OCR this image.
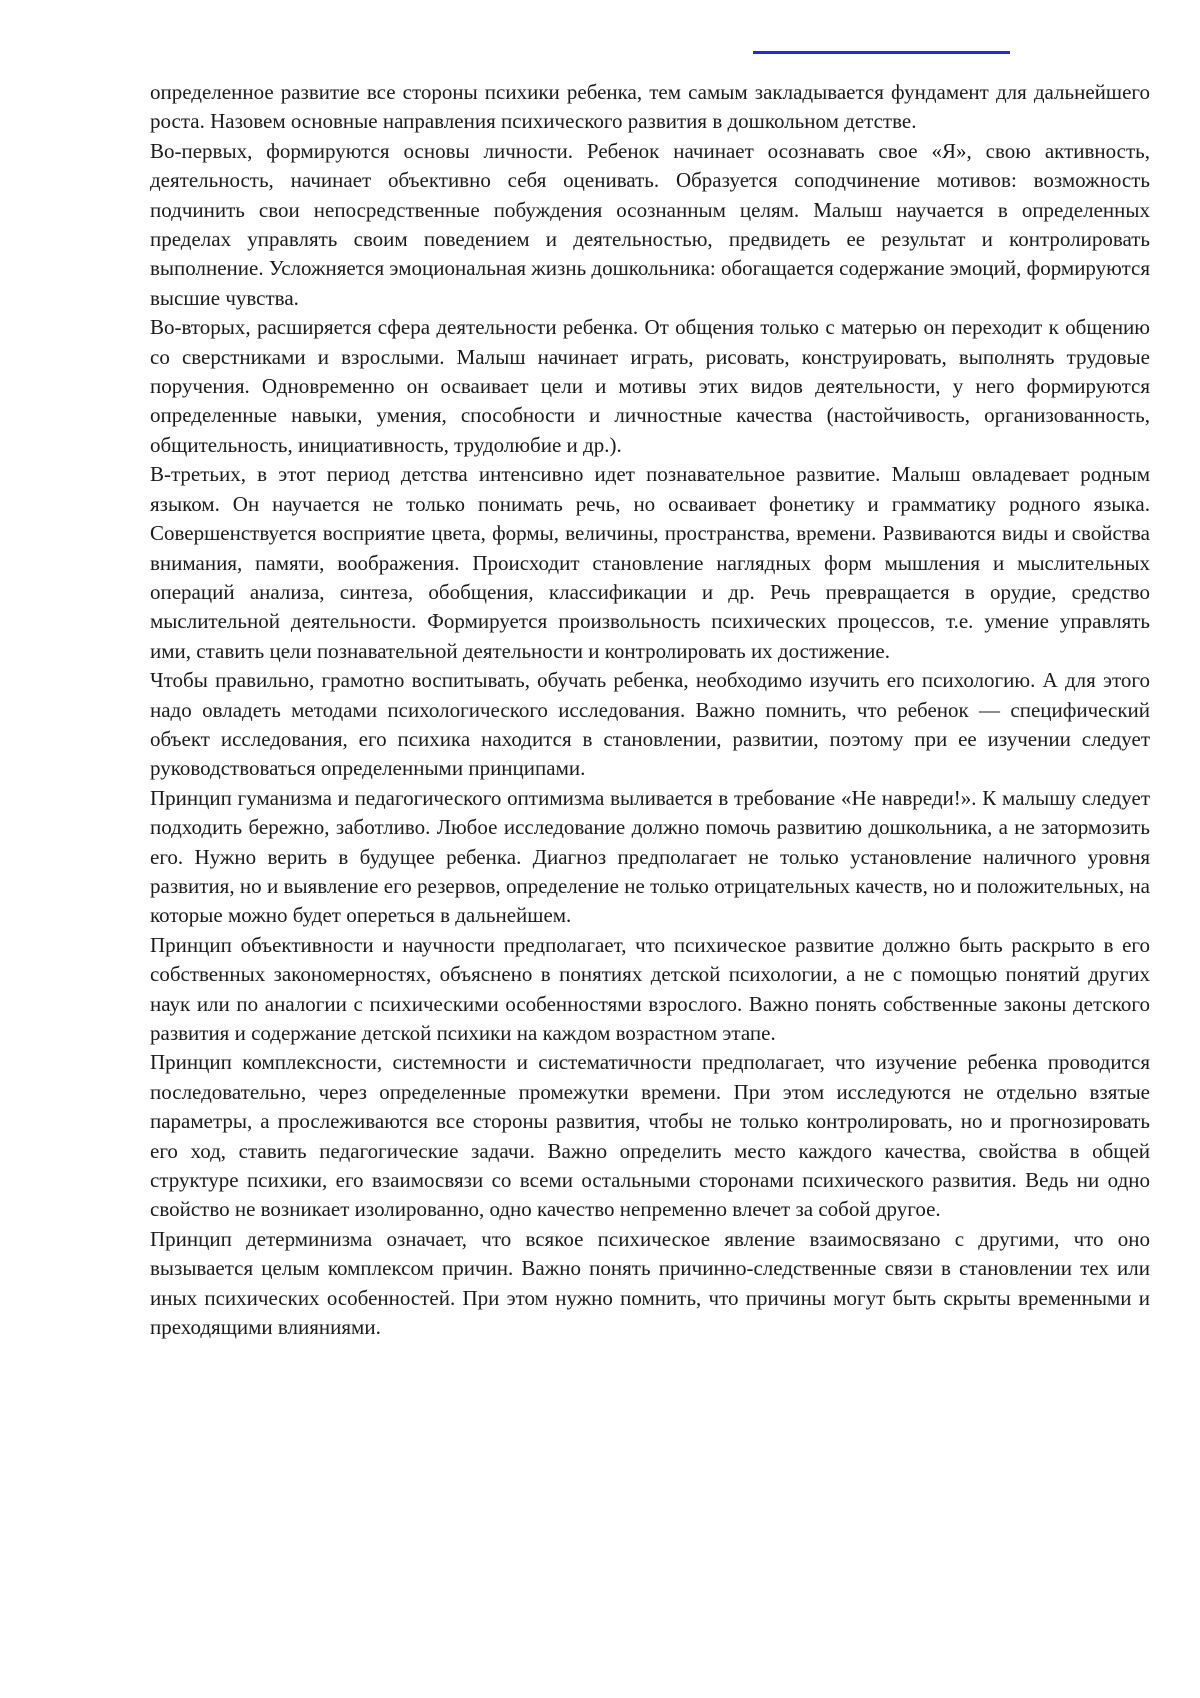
определенное развитие все стороны психики ребенка, тем самым закладывается фундамент для дальнейшего роста. Назовем основные направления психического развития в дошкольном детстве.

Во-первых, формируются основы личности. Ребенок начинает осознавать свое «Я», свою активность, деятельность, начинает объективно себя оценивать. Образуется соподчинение мотивов: возможность подчинить свои непосредственные побуждения осознанным целям. Малыш научается в определенных пределах управлять своим поведением и деятельностью, предвидеть ее результат и контролировать выполнение. Усложняется эмоциональная жизнь дошкольника: обогащается содержание эмоций, формируются высшие чувства.

Во-вторых, расширяется сфера деятельности ребенка. От общения только с матерью он переходит к общению со сверстниками и взрослыми. Малыш начинает играть, рисовать, конструировать, выполнять трудовые поручения. Одновременно он осваивает цели и мотивы этих видов деятельности, у него формируются определенные навыки, умения, способности и личностные качества (настойчивость, организованность, общительность, инициативность, трудолюбие и др.).

В-третьих, в этот период детства интенсивно идет познавательное развитие. Малыш овладевает родным языком. Он научается не только понимать речь, но осваивает фонетику и грамматику родного языка. Совершенствуется восприятие цвета, формы, величины, пространства, времени. Развиваются виды и свойства внимания, памяти, воображения. Происходит становление наглядных форм мышления и мыслительных операций анализа, синтеза, обобщения, классификации и др. Речь превращается в орудие, средство мыслительной деятельности. Формируется произвольность психических процессов, т.е. умение управлять ими, ставить цели познавательной деятельности и контролировать их достижение.

Чтобы правильно, грамотно воспитывать, обучать ребенка, необходимо изучить его психологию. А для этого надо овладеть методами психологического исследования. Важно помнить, что ребенок — специфический объект исследования, его психика находится в становлении, развитии, поэтому при ее изучении следует руководствоваться определенными принципами.

Принцип гуманизма и педагогического оптимизма выливается в требование «Не навреди!». К малышу следует подходить бережно, заботливо. Любое исследование должно помочь развитию дошкольника, а не затормозить его. Нужно верить в будущее ребенка. Диагноз предполагает не только установление наличного уровня развития, но и выявление его резервов, определение не только отрицательных качеств, но и положительных, на которые можно будет опереться в дальнейшем.

Принцип объективности и научности предполагает, что психическое развитие должно быть раскрыто в его собственных закономерностях, объяснено в понятиях детской психологии, а не с помощью понятий других наук или по аналогии с психическими особенностями взрослого. Важно понять собственные законы детского развития и содержание детской психики на каждом возрастном этапе.

Принцип комплексности, системности и систематичности предполагает, что изучение ребенка проводится последовательно, через определенные промежутки времени. При этом исследуются не отдельно взятые параметры, а прослеживаются все стороны развития, чтобы не только контролировать, но и прогнозировать его ход, ставить педагогические задачи. Важно определить место каждого качества, свойства в общей структуре психики, его взаимосвязи со всеми остальными сторонами психического развития. Ведь ни одно свойство не возникает изолированно, одно качество непременно влечет за собой другое.

Принцип детерминизма означает, что всякое психическое явление взаимосвязано с другими, что оно вызывается целым комплексом причин. Важно понять причинно-следственные связи в становлении тех или иных психических особенностей. При этом нужно помнить, что причины могут быть скрыты временными и преходящими влияниями.
